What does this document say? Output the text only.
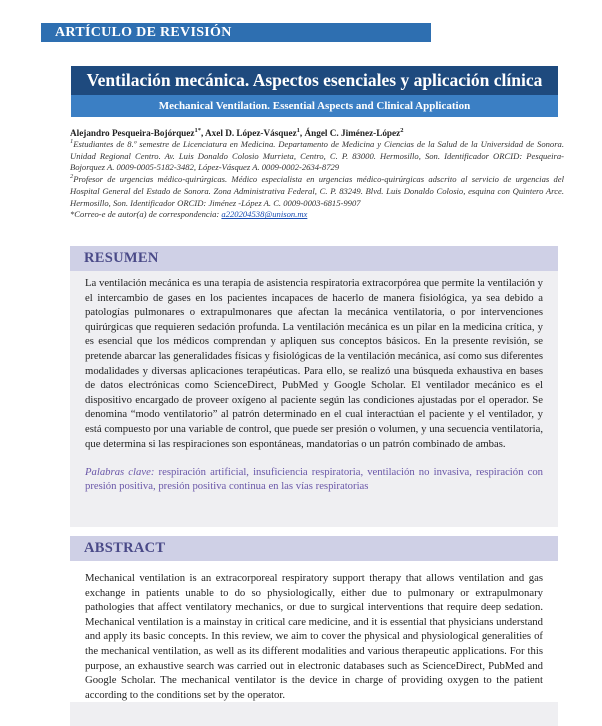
ARTÍCULO DE REVISIÓN
Ventilación mecánica. Aspectos esenciales y aplicación clínica
Mechanical Ventilation. Essential Aspects and Clinical Application
Alejandro Pesqueira-Bojórquez$^{1*}$, Axel D. López-Vásquez$^1$, Ángel C. Jiménez-López$^2$

$^1$Estudiantes de 8.º semestre de Licenciatura en Medicina. Departamento de Medicina y Ciencias de la Salud de la Universidad de Sonora. Unidad Regional Centro. Av. Luis Donaldo Colosio Murrieta, Centro, C. P. 83000. Hermosillo, Son. Identificador ORCID: Pesqueira-Bojorquez A. 0009-0005-5182-3482, López-Vásquez A. 0009-0002-2634-8729

$^2$Profesor de urgencias médico-quirúrgicas. Médico especialista en urgencias médico-quirúrgicas adscrito al servicio de urgencias del Hospital General del Estado de Sonora. Zona Administrativa Federal, C. P. 83249. Blvd. Luis Donaldo Colosio, esquina con Quintero Arce. Hermosillo, Son. Identificador ORCID: Jiménez -López A. C. 0009-0003-6815-9907

*Correo-e de autor(a) de correspondencia: a220204538@unison.mx

RESUMEN

La ventilación mecánica es una terapia de asistencia respiratoria extracorpórea que permite la ventilación y el intercambio de gases en los pacientes incapaces de hacerlo de manera fisiológica, ya sea debido a patologías pulmonares o extrapulmonares que afectan la mecánica ventilatoria, o por intervenciones quirúrgicas que requieren sedación profunda. La ventilación mecánica es un pilar en la medicina crítica, y es esencial que los médicos comprendan y apliquen sus conceptos básicos. En la presente revisión, se pretende abarcar las generalidades físicas y fisiológicas de la ventilación mecánica, así como sus diferentes modalidades y diversas aplicaciones terapéuticas. Para ello, se realizó una búsqueda exhaustiva en bases de datos electrónicas como ScienceDirect, PubMed y Google Scholar. El ventilador mecánico es el dispositivo encargado de proveer oxígeno al paciente según las condiciones ajustadas por el operador. Se denomina “modo ventilatorio” al patrón determinado en el cual interactúan el paciente y el ventilador, y está compuesto por una variable de control, que puede ser presión o volumen, y una secuencia ventilatoria, que determina si las respiraciones son espontáneas, mandatorias o un patrón combinado de ambas.

Palabras clave: respiración artificial, insuficiencia respiratoria, ventilación no invasiva, respiración con presión positiva, presión positiva continua en las vías respiratorias
ABSTRACT

Mechanical ventilation is an extracorporeal respiratory support therapy that allows ventilation and gas exchange in patients unable to do so physiologically, either due to pulmonary or extrapulmonary pathologies that affect ventilatory mechanics, or due to surgical interventions that require deep sedation. Mechanical ventilation is a mainstay in critical care medicine, and it is essential that physicians understand and apply its basic concepts. In this review, we aim to cover the physical and physiological generalities of the mechanical ventilation, as well as its different modalities and various therapeutic applications. For this purpose, an exhaustive search was carried out in electronic databases such as ScienceDirect, PubMed and Google Scholar. The mechanical ventilator is the device in charge of providing oxygen to the patient according to the conditions set by the operator.
